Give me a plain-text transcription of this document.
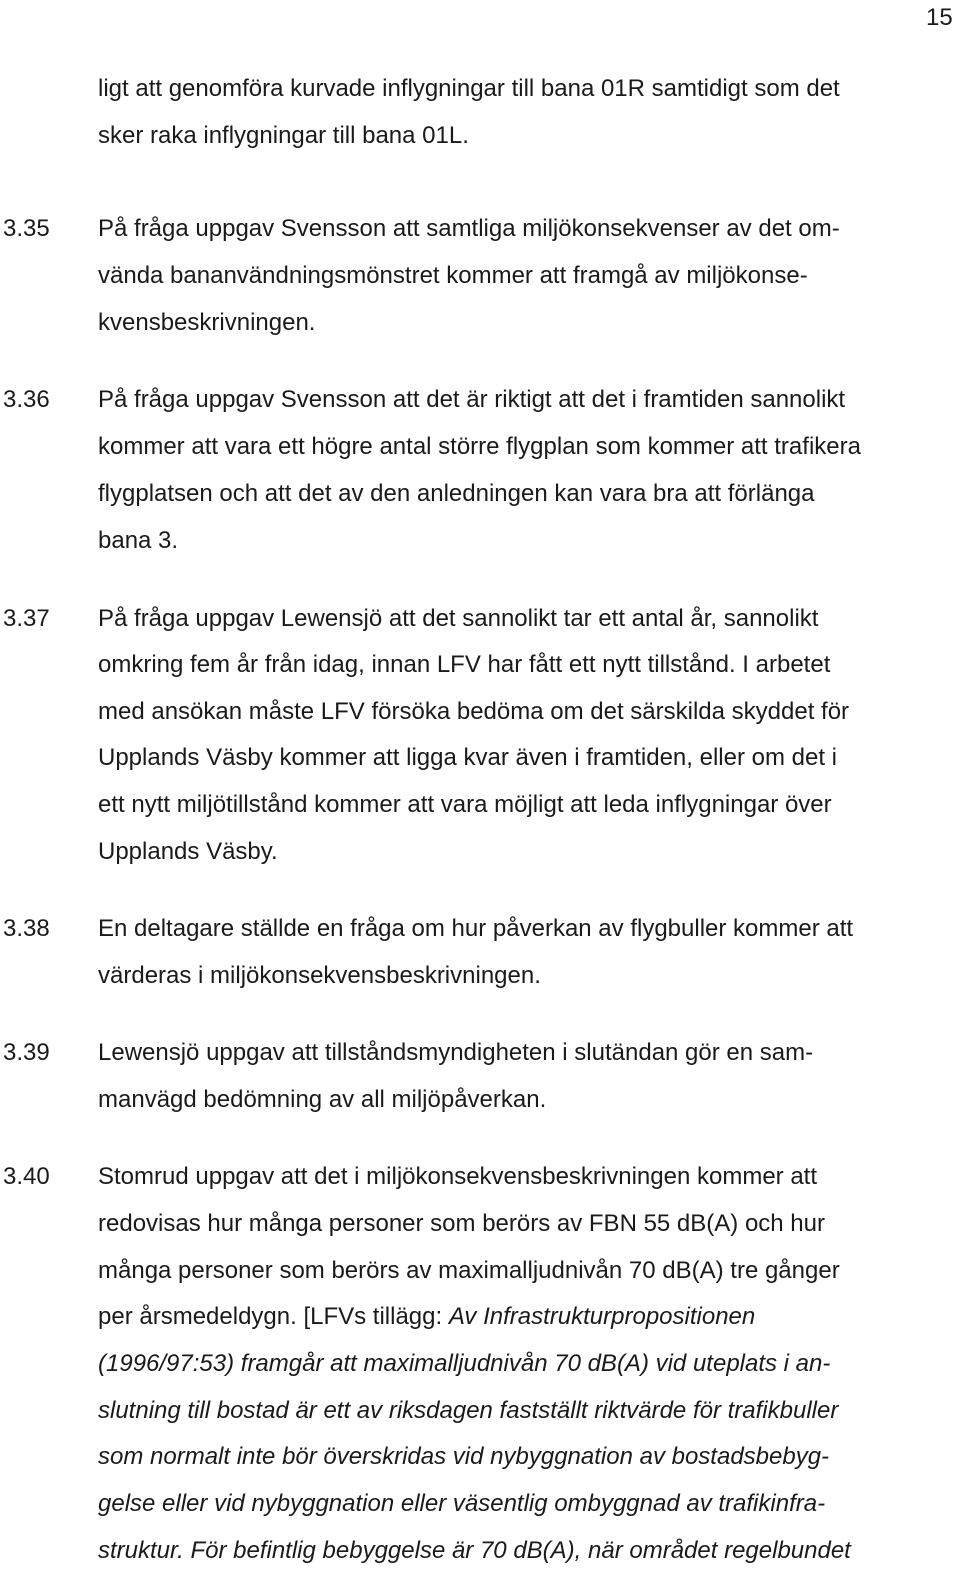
15
ligt att genomföra kurvade inflygningar till bana 01R samtidigt som det
sker raka inflygningar till bana 01L.
3.35 På fråga uppgav Svensson att samtliga miljökonsekvenser av det om-
vända bananvändningsmönstret kommer att framgå av miljökonse-
kvensbeskrivningen.
3.36 På fråga uppgav Svensson att det är riktigt att det i framtiden sannolikt
kommer att vara ett högre antal större flygplan som kommer att trafikera
flygplatsen och att det av den anledningen kan vara bra att förlänga
bana 3.
3.37 På fråga uppgav Lewensjö att det sannolikt tar ett antal år, sannolikt
omkring fem år från idag, innan LFV har fått ett nytt tillstånd. I arbetet
med ansökan måste LFV försöka bedöma om det särskilda skyddet för
Upplands Väsby kommer att ligga kvar även i framtiden, eller om det i
ett nytt miljötillstånd kommer att vara möjligt att leda inflygningar över
Upplands Väsby.
3.38 En deltagare ställde en fråga om hur påverkan av flygbuller kommer att
värderas i miljökonsekvensbeskrivningen.
3.39 Lewensjö uppgav att tillståndsmyndigheten i slutändan gör en sam-
manvägd bedömning av all miljöpåverkan.
3.40 Stomrud uppgav att det i miljökonsekvensbeskrivningen kommer att
redovisas hur många personer som berörs av FBN 55 dB(A) och hur
många personer som berörs av maximalljudnivån 70 dB(A) tre gånger
per årsmedeldygn. [LFVs tillägg: Av Infrastrukturpropositionen
(1996/97:53) framgår att maximalljudnivån 70 dB(A) vid uteplats i an-
slutning till bostad är ett av riksdagen fastställt riktvärde för trafikbuller
som normalt inte bör överskridas vid nybyggnation av bostadsbebyg-
gelse eller vid nybyggnation eller väsentlig ombyggnad av trafikinfra-
struktur. För befintlig bebyggelse är 70 dB(A), när området regelbundet
